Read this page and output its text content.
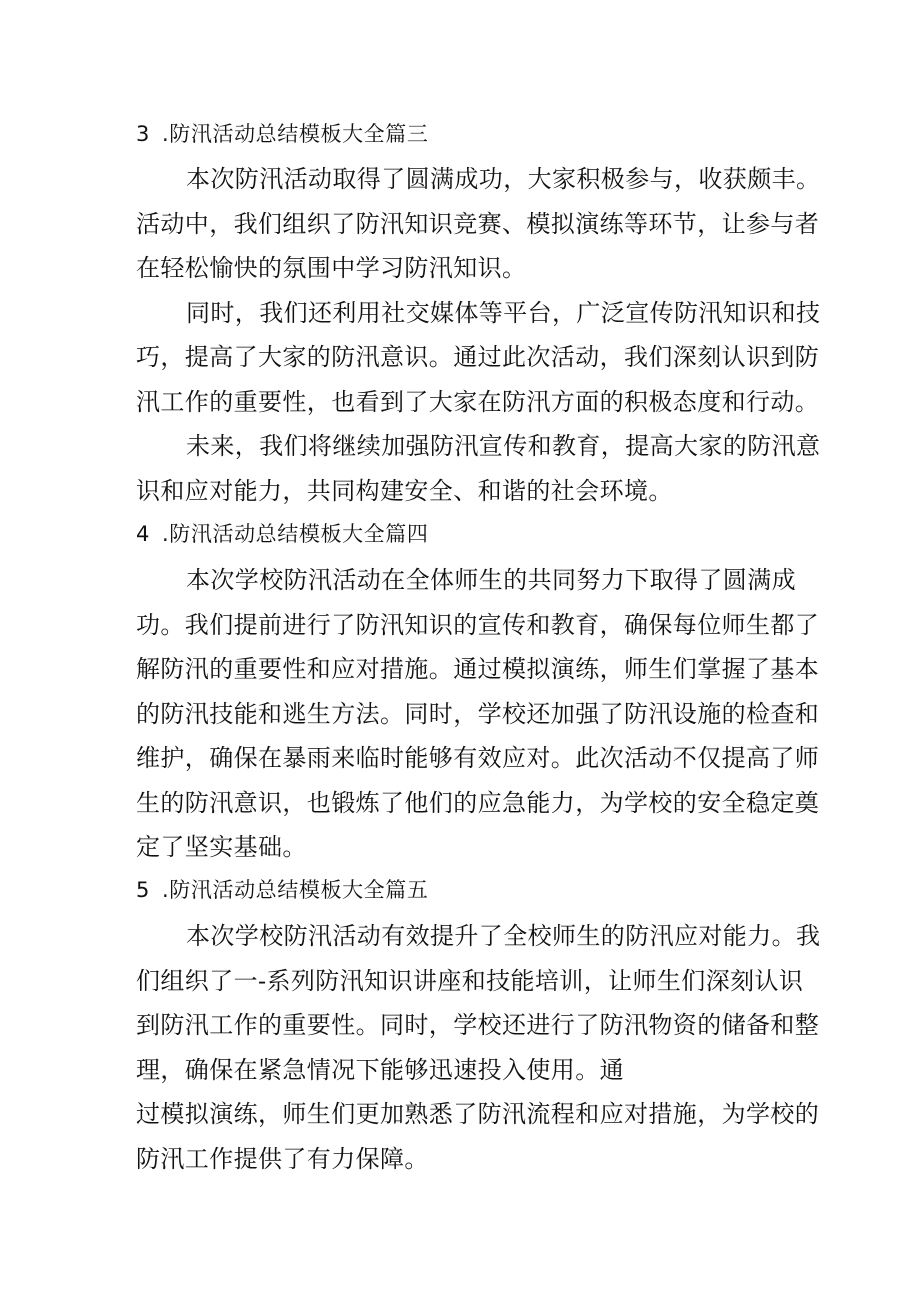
3 .防汛活动总结模板大全篇三
本次防汛活动取得了圆满成功，大家积极参与，收获颇丰。
活动中，我们组织了防汛知识竞赛、模拟演练等环节，让参与者
在轻松愉快的氛围中学习防汛知识。
同时，我们还利用社交媒体等平台，广泛宣传防汛知识和技
巧，提高了大家的防汛意识。通过此次活动，我们深刻认识到防
汛工作的重要性，也看到了大家在防汛方面的积极态度和行动。
未来，我们将继续加强防汛宣传和教育，提高大家的防汛意
识和应对能力，共同构建安全、和谐的社会环境。
4 .防汛活动总结模板大全篇四
本次学校防汛活动在全体师生的共同努力下取得了圆满成
功。我们提前进行了防汛知识的宣传和教育，确保每位师生都了
解防汛的重要性和应对措施。通过模拟演练，师生们掌握了基本
的防汛技能和逃生方法。同时，学校还加强了防汛设施的检查和
维护，确保在暴雨来临时能够有效应对。此次活动不仅提高了师
生的防汛意识，也锻炼了他们的应急能力，为学校的安全稳定奠
定了坚实基础。
5 .防汛活动总结模板大全篇五
本次学校防汛活动有效提升了全校师生的防汛应对能力。我
们组织了一-系列防汛知识讲座和技能培训，让师生们深刻认识
到防汛工作的重要性。同时，学校还进行了防汛物资的储备和整
理，确保在紧急情况下能够迅速投入使用。通
过模拟演练，师生们更加熟悉了防汛流程和应对措施，为学校的
防汛工作提供了有力保障。
